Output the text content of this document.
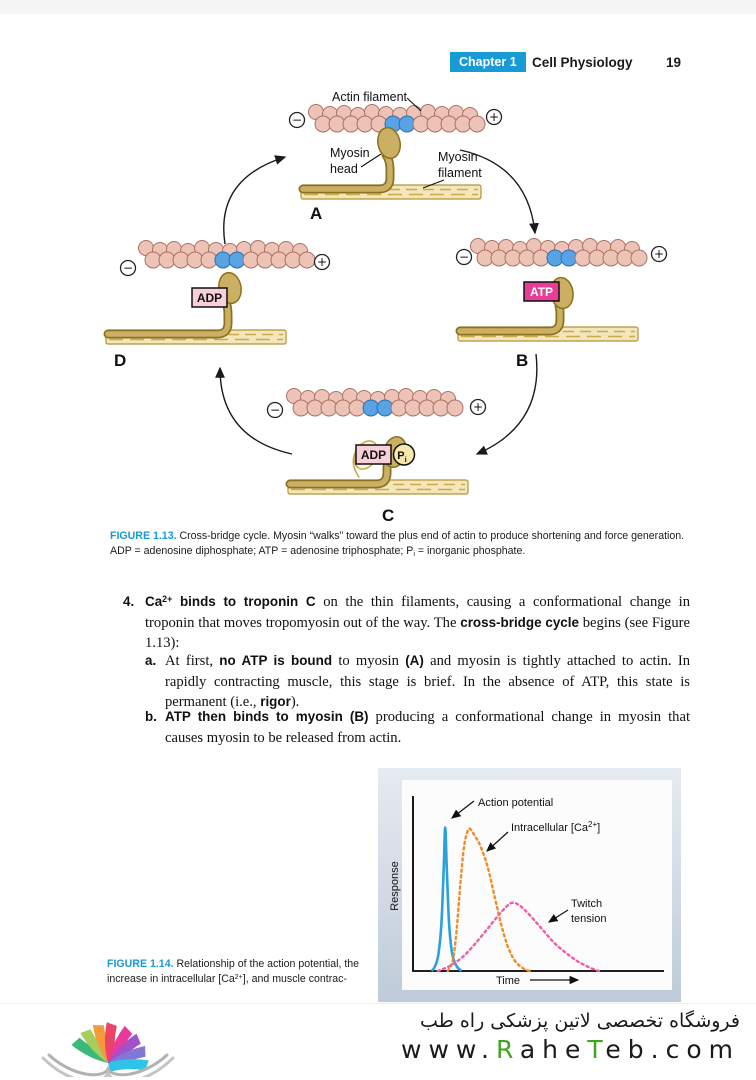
Chapter 1	Cell Physiology 19
−	+
Actin filament
Myosin
head
Myosin
filament
A
ATP
−	+
B
ADP
−	+
D
ADP $P_i$
−	+
C
FIGURE 1.13. Cross-bridge cycle. Myosin “walks” toward the plus end of actin to produce shortening and force generation. ADP = adenosine diphosphate; ATP = adenosine triphosphate; $P_i$ = inorganic phosphate.
4. $Ca^{2+}$ binds to troponin C on the thin filaments, causing a conformational change in troponin that moves tropomyosin out of the way. The cross-bridge cycle begins (see Figure 1.13):
a. At first, no ATP is bound to myosin (A) and myosin is tightly attached to actin. In rapidly contracting muscle, this stage is brief. In the absence of ATP, this state is permanent (i.e., rigor).
b. ATP then binds to myosin (B) producing a conformational change in myosin that causes myosin to be released from actin.
Action potential
Intracellular $[Ca^{2+}]$
Twitch
tension
Response
Time
FIGURE 1.14. Relationship of the action potential, the increase in intracellular $[Ca^{2+}]$, and muscle contrac-
فروشگاه تخصصی لاتین پزشکی راه طب
www.RaheTeb.com
